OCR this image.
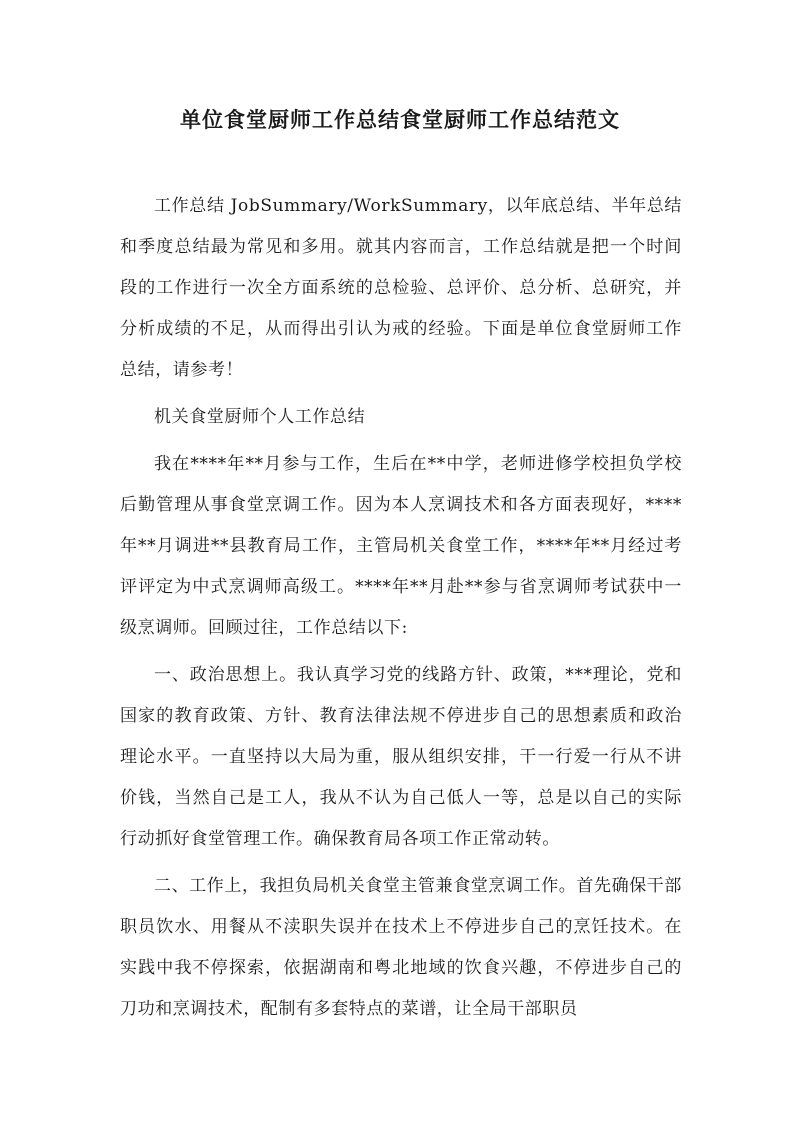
单位食堂厨师工作总结食堂厨师工作总结范文

工作总结 JobSummary/WorkSummary，以年底总结、半年总结和季度总结最为常见和多用。就其内容而言，工作总结就是把一个时间段的工作进行一次全方面系统的总检验、总评价、总分析、总研究，并分析成绩的不足，从而得出引认为戒的经验。下面是单位食堂厨师工作总结，请参考！

机关食堂厨师个人工作总结

我在****年**月参与工作，生后在**中学，老师进修学校担负学校后勤管理从事食堂烹调工作。因为本人烹调技术和各方面表现好，****年**月调进**县教育局工作，主管局机关食堂工作，****年**月经过考评评定为中式烹调师高级工。****年**月赴**参与省烹调师考试获中一级烹调师。回顾过往，工作总结以下:

一、政治思想上。我认真学习党的线路方针、政策，***理论，党和国家的教育政策、方针、教育法律法规不停进步自己的思想素质和政治理论水平。一直坚持以大局为重，服从组织安排，干一行爱一行从不讲价钱，当然自己是工人，我从不认为自己低人一等，总是以自己的实际行动抓好食堂管理工作。确保教育局各项工作正常动转。

二、工作上，我担负局机关食堂主管兼食堂烹调工作。首先确保干部职员饮水、用餐从不渎职失误并在技术上不停进步自己的烹饪技术。在实践中我不停探索，依据湖南和粤北地域的饮食兴趣，不停进步自己的刀功和烹调技术，配制有多套特点的菜谱，让全局干部职员
